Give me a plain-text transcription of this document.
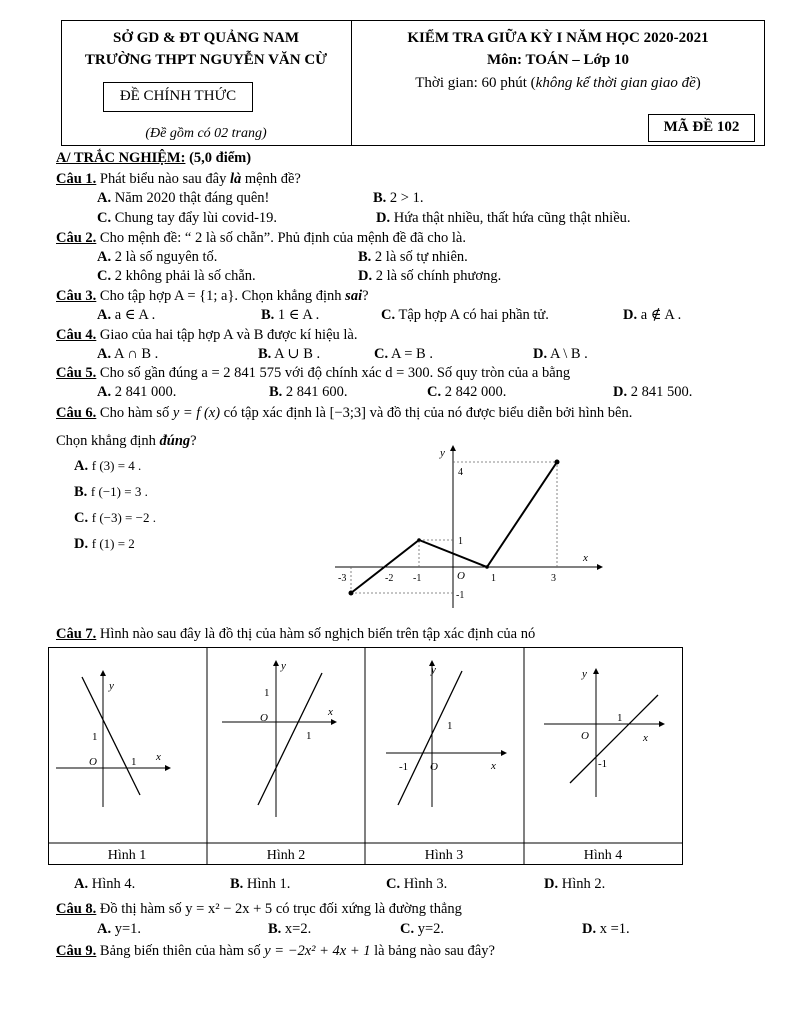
SỞ GD & ĐT QUẢNG NAM
TRƯỜNG THPT NGUYỄN VĂN CỪ
ĐỀ CHÍNH THỨC
(Đề gồm có 02 trang)
KIỂM TRA GIỮA KỲ I NĂM HỌC 2020-2021
Môn: TOÁN – Lớp 10
Thời gian: 60 phút (không kể thời gian giao đề)
MÃ ĐỀ 102
A/ TRẮC NGHIỆM: (5,0 điểm)
Câu 1. Phát biểu nào sau đây là mệnh đề?
A. Năm 2020 thật đáng quên!	B. 2 > 1.
C. Chung tay đẩy lùi covid-19.	D. Hứa thật nhiều, thất hứa cũng thật nhiều.
Câu 2. Cho mệnh đề: “ 2 là số chẵn”. Phủ định của mệnh đề đã cho là.
A. 2 là số nguyên tố.	B. 2 là số tự nhiên.
C. 2 không phải là số chẵn.	D. 2 là số chính phương.
Câu 3. Cho tập hợp A = {1; a}. Chọn khẳng định sai?
A. a ∈ A .	B. 1 ∈ A .	C. Tập hợp A có hai phần tử.	D. a ∉ A .
Câu 4. Giao của hai tập hợp A và B được kí hiệu là.
A. A ∩ B .	B. A ∪ B .	C. A = B .	D. A \ B .
Câu 5. Cho số gần đúng a = 2 841 575 với độ chính xác d = 300. Số quy tròn của a bằng
A. 2 841 000.	B. 2 841 600.	C. 2 842 000.	D. 2 841 500.
Câu 6. Cho hàm số y = f (x) có tập xác định là [−3;3] và đồ thị của nó được biểu diễn bởi hình bên.
Chọn khẳng định đúng?
A. f (3) = 4 .
B. f (−1) = 3 .
C. f (−3) = −2 .
D. f (1) = 2
y
x
O
-3	-2 -1	1	3
4
1
-1
Câu 7. Hình nào sau đây là đồ thị của hàm số nghịch biến trên tập xác định của nó
y
x
O
1
1
y
x
O
1
1
y
x
O
1
-1
y
x
O
1
-1
Hình 1	Hình 2	Hình 3	Hình 4
A. Hình 4.	B. Hình 1.	C. Hình 3.	D. Hình 2.
Câu 8. Đồ thị hàm số y = x² − 2x + 5 có trục đối xứng là đường thẳng
A. y=1.	B. x=2.	C. y=2.	D. x =1.
Câu 9. Bảng biến thiên của hàm số y = −2x² + 4x + 1 là bảng nào sau đây?
